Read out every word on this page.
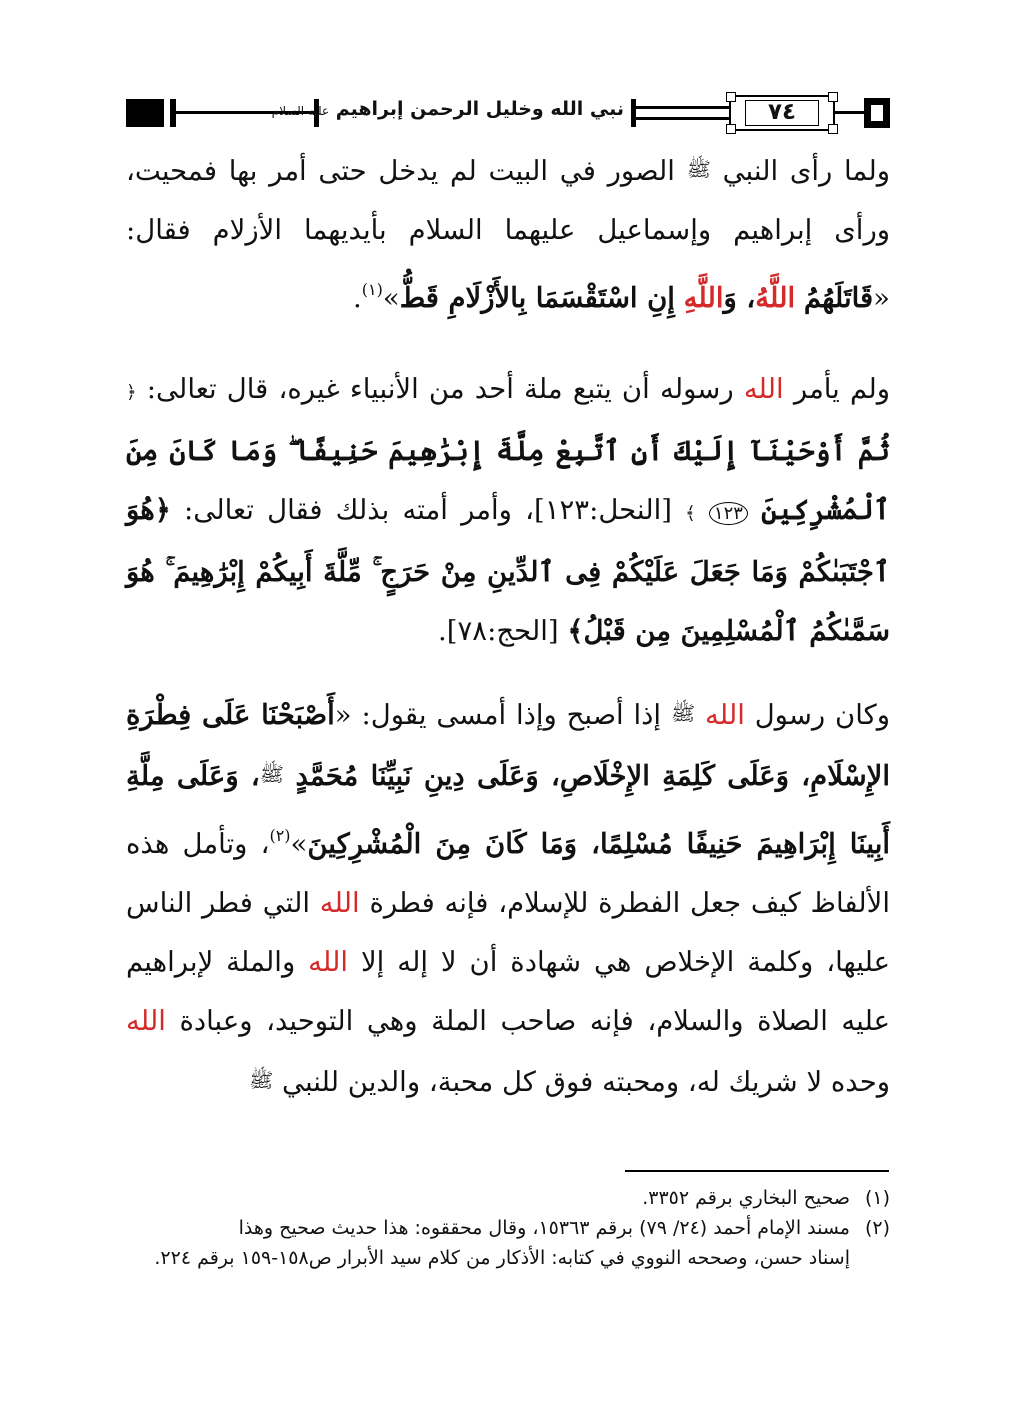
نبي الله وخليل الرحمن إبراهيم عليه السلام	٧٤
ولما رأى النبي ﷺ الصور في البيت لم يدخل حتى أمر بها فمحيت، ورأى إبراهيم وإسماعيل عليهما السلام بأيديهما الأزلام فقال: «قَاتَلَهُمُ اللَّهُ، وَاللَّهِ إِنِ اسْتَقْسَمَا بِالأَزْلَامِ قَطُّ»$^{(١)}$.
ولم يأمر الله رسوله أن يتبع ملة أحد من الأنبياء غيره، قال تعالى: ﴿ ثُمَّ أَوْحَيْنَآ إِلَيْكَ أَنِ ٱتَّبِعْ مِلَّةَ إِبْرَٰهِيمَ حَنِيفًا ۖ وَمَا كَانَ مِنَ ٱلْمُشْرِكِينَ ١٢٣ ﴾ [النحل:١٢٣]، وأمر أمته بذلك فقال تعالى: ﴿هُوَ ٱجْتَبَىٰكُمْ وَمَا جَعَلَ عَلَيْكُمْ فِى ٱلدِّينِ مِنْ حَرَجٍ ۚ مِّلَّةَ أَبِيكُمْ إِبْرَٰهِيمَ ۚ هُوَ سَمَّىٰكُمُ ٱلْمُسْلِمِينَ مِن قَبْلُ﴾ [الحج:٧٨].
وكان رسول الله ﷺ إذا أصبح وإذا أمسى يقول: «أَصْبَحْنَا عَلَى فِطْرَةِ الإِسْلَامِ، وَعَلَى كَلِمَةِ الإِخْلَاصِ، وَعَلَى دِينِ نَبِيِّنَا مُحَمَّدٍ ﷺ، وَعَلَى مِلَّةِ أَبِينَا إِبْرَاهِيمَ حَنِيفًا مُسْلِمًا، وَمَا كَانَ مِنَ الْمُشْرِكِينَ»$^{(٢)}$، وتأمل هذه الألفاظ كيف جعل الفطرة للإسلام، فإنه فطرة الله التي فطر الناس عليها، وكلمة الإخلاص هي شهادة أن لا إله إلا الله والملة لإبراهيم عليه الصلاة والسلام، فإنه صاحب الملة وهي التوحيد، وعبادة الله وحده لا شريك له، ومحبته فوق كل محبة، والدين للنبي ﷺ
(١)صحيح البخاري برقم ٣٣٥٢.
(٢)مسند الإمام أحمد (٢٤/ ٧٩) برقم ١٥٣٦٣، وقال محققوه: هذا حديث صحيح وهذا
إسناد حسن، وصححه النووي في كتابه: الأذكار من كلام سيد الأبرار ص١٥٨-١٥٩ برقم ٢٢٤.
